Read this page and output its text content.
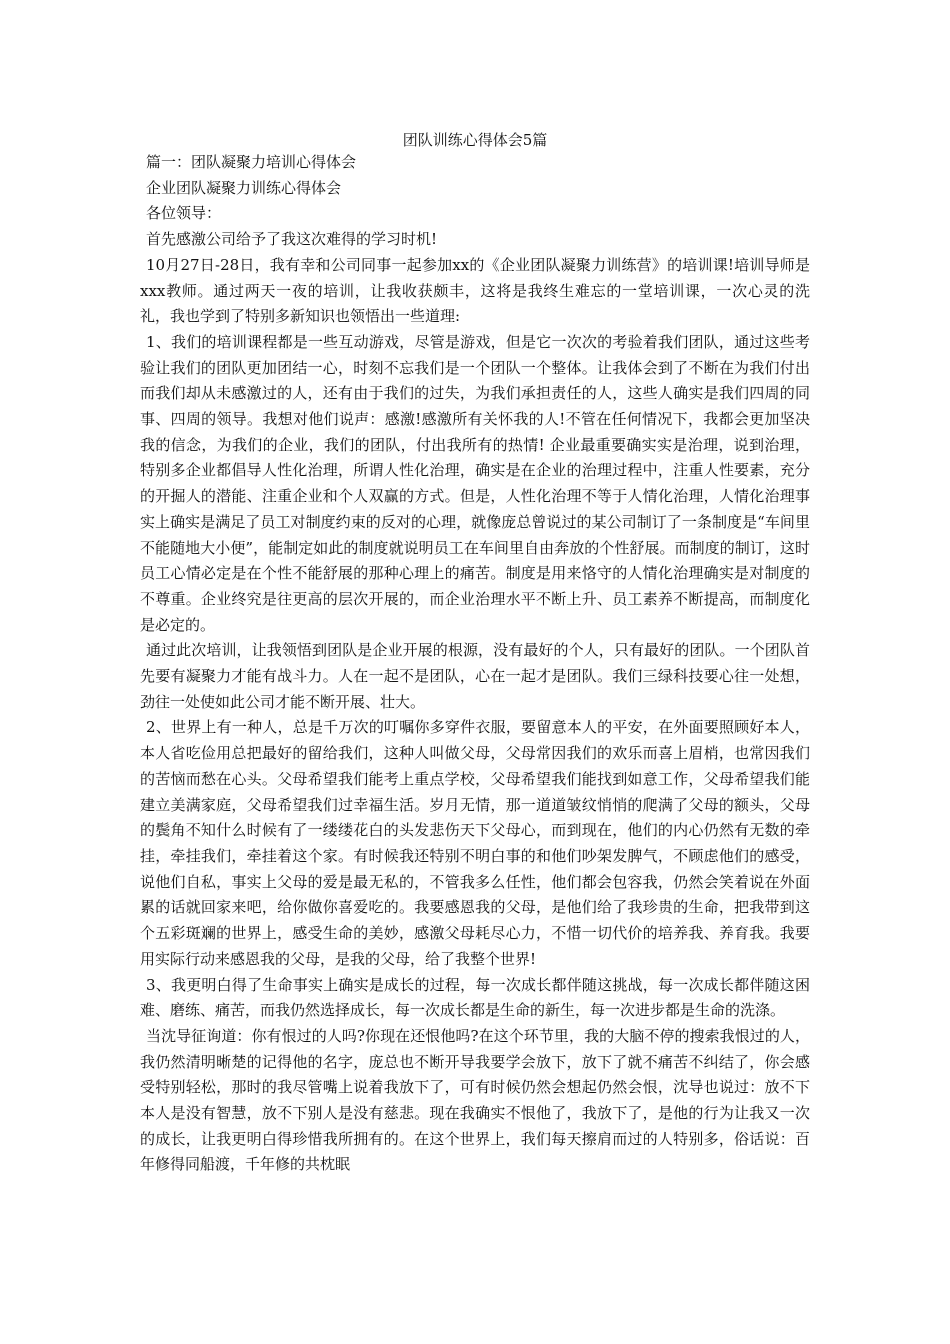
团队训练心得体会5篇

篇一：团队凝聚力培训心得体会

企业团队凝聚力训练心得体会

各位领导：

首先感激公司给予了我这次难得的学习时机!

10月27日-28日，我有幸和公司同事一起参加xx的《企业团队凝聚力训练营》的培训课!培训导师是xxx教师。通过两天一夜的培训，让我收获颇丰，这将是我终生难忘的一堂培训课，一次心灵的洗礼，我也学到了特别多新知识也领悟出一些道理:

1、我们的培训课程都是一些互动游戏，尽管是游戏，但是它一次次的考验着我们团队，通过这些考验让我们的团队更加团结一心，时刻不忘我们是一个团队一个整体。让我体会到了不断在为我们付出而我们却从未感激过的人，还有由于我们的过失，为我们承担责任的人，这些人确实是我们四周的同事、四周的领导。我想对他们说声：感激!感激所有关怀我的人!不管在任何情况下，我都会更加坚决我的信念，为我们的企业，我们的团队，付出我所有的热情! 企业最重要确实实是治理，说到治理，特别多企业都倡导人性化治理，所谓人性化治理，确实是在企业的治理过程中，注重人性要素，充分的开掘人的潜能、注重企业和个人双赢的方式。但是，人性化治理不等于人情化治理，人情化治理事实上确实是满足了员工对制度约束的反对的心理，就像庞总曾说过的某公司制订了一条制度是“车间里不能随地大小便”，能制定如此的制度就说明员工在车间里自由奔放的个性舒展。而制度的制订，这时员工心情必定是在个性不能舒展的那种心理上的痛苦。制度是用来恪守的人情化治理确实是对制度的不尊重。企业终究是往更高的层次开展的，而企业治理水平不断上升、员工素养不断提高，而制度化是必定的。

通过此次培训，让我领悟到团队是企业开展的根源，没有最好的个人，只有最好的团队。一个团队首先要有凝聚力才能有战斗力。人在一起不是团队，心在一起才是团队。我们三绿科技要心往一处想，劲往一处使如此公司才能不断开展、壮大。

2、世界上有一种人，总是千万次的叮嘱你多穿件衣服，要留意本人的平安，在外面要照顾好本人，本人省吃俭用总把最好的留给我们，这种人叫做父母，父母常因我们的欢乐而喜上眉梢，也常因我们的苦恼而愁在心头。父母希望我们能考上重点学校，父母希望我们能找到如意工作，父母希望我们能建立美满家庭，父母希望我们过幸福生活。岁月无情，那一道道皱纹悄悄的爬满了父母的额头，父母的鬓角不知什么时候有了一缕缕花白的头发悲伤天下父母心，而到现在，他们的内心仍然有无数的牵挂，牵挂我们，牵挂着这个家。有时候我还特别不明白事的和他们吵架发脾气，不顾虑他们的感受，说他们自私，事实上父母的爱是最无私的，不管我多么任性，他们都会包容我，仍然会笑着说在外面累的话就回家来吧，给你做你喜爱吃的。我要感恩我的父母，是他们给了我珍贵的生命，把我带到这个五彩斑斓的世界上，感受生命的美妙，感激父母耗尽心力，不惜一切代价的培养我、养育我。我要用实际行动来感恩我的父母，是我的父母，给了我整个世界!

3、我更明白得了生命事实上确实是成长的过程，每一次成长都伴随这挑战，每一次成长都伴随这困难、磨练、痛苦，而我仍然选择成长，每一次成长都是生命的新生，每一次进步都是生命的洗涤。

当沈导征询道：你有恨过的人吗?你现在还恨他吗?在这个环节里，我的大脑不停的搜索我恨过的人，我仍然清明晰楚的记得他的名字，庞总也不断开导我要学会放下，放下了就不痛苦不纠结了，你会感受特别轻松，那时的我尽管嘴上说着我放下了，可有时候仍然会想起仍然会恨，沈导也说过：放不下本人是没有智慧，放不下别人是没有慈悲。现在我确实不恨他了，我放下了，是他的行为让我又一次的成长，让我更明白得珍惜我所拥有的。在这个世界上，我们每天擦肩而过的人特别多，俗话说：百年修得同船渡，千年修的共枕眠
